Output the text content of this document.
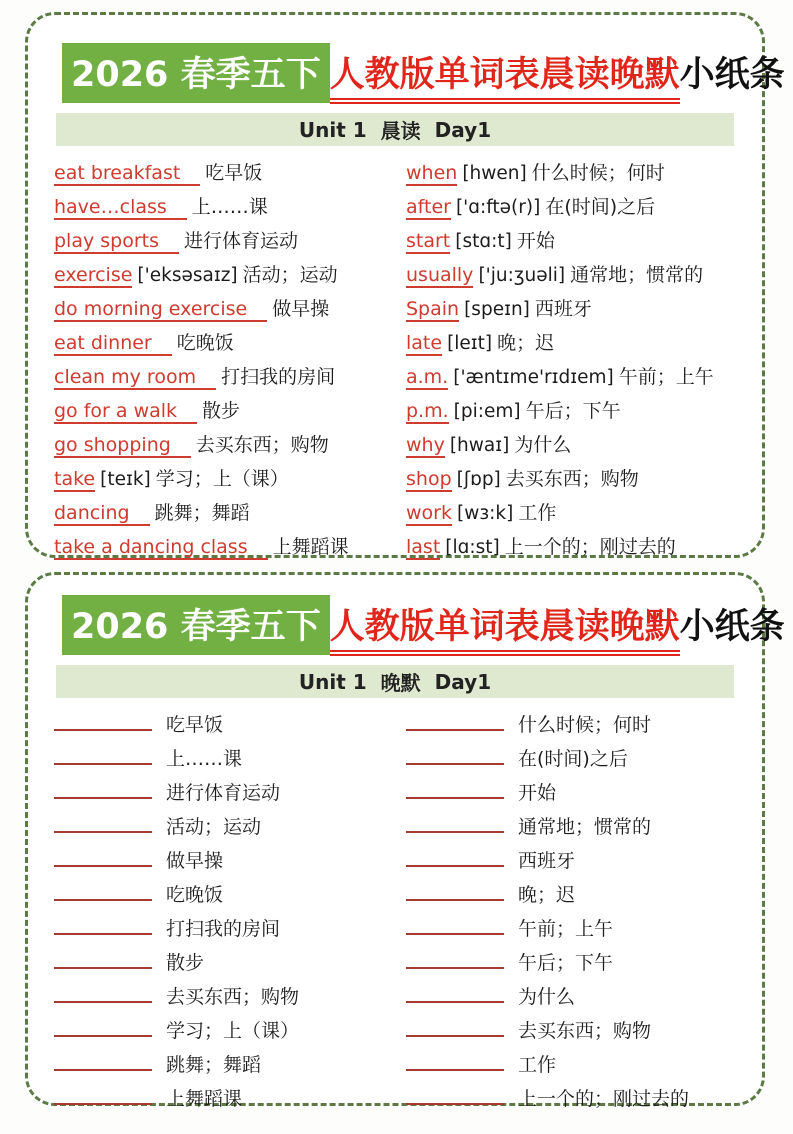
2026 春季五下 人教版单词表晨读晚默小纸条
Unit 1 晨读 Day1
eat breakfast 吃早饭
have…class 上……课
play sports 进行体育运动
exercise ['eksəsaɪz] 活动；运动
do morning exercise 做早操
eat dinner 吃晚饭
clean my room 打扫我的房间
go for a walk 散步
go shopping 去买东西；购物
take [teɪk] 学习；上（课）
dancing 跳舞；舞蹈
take a dancing class 上舞蹈课
when [hwen] 什么时候；何时
after ['ɑ:ftə(r)] 在(时间)之后
start [stɑ:t] 开始
usually ['ju:ʒuəli] 通常地；惯常的
Spain [speɪn] 西班牙
late [leɪt] 晚；迟
a.m. ['æntɪme'rɪdɪem] 午前；上午
p.m. [pi:em] 午后；下午
why [hwaɪ] 为什么
shop [ʃɒp] 去买东西；购物
work [wɜ:k] 工作
last [lɑ:st] 上一个的；刚过去的
2026 春季五下 人教版单词表晨读晚默小纸条
Unit 1 晚默 Day1
吃早饭
上……课
进行体育运动
活动；运动
做早操
吃晚饭
打扫我的房间
散步
去买东西；购物
学习；上（课）
跳舞；舞蹈
上舞蹈课
什么时候；何时
在(时间)之后
开始
通常地；惯常的
西班牙
晚；迟
午前；上午
午后；下午
为什么
去买东西；购物
工作
上一个的；刚过去的
